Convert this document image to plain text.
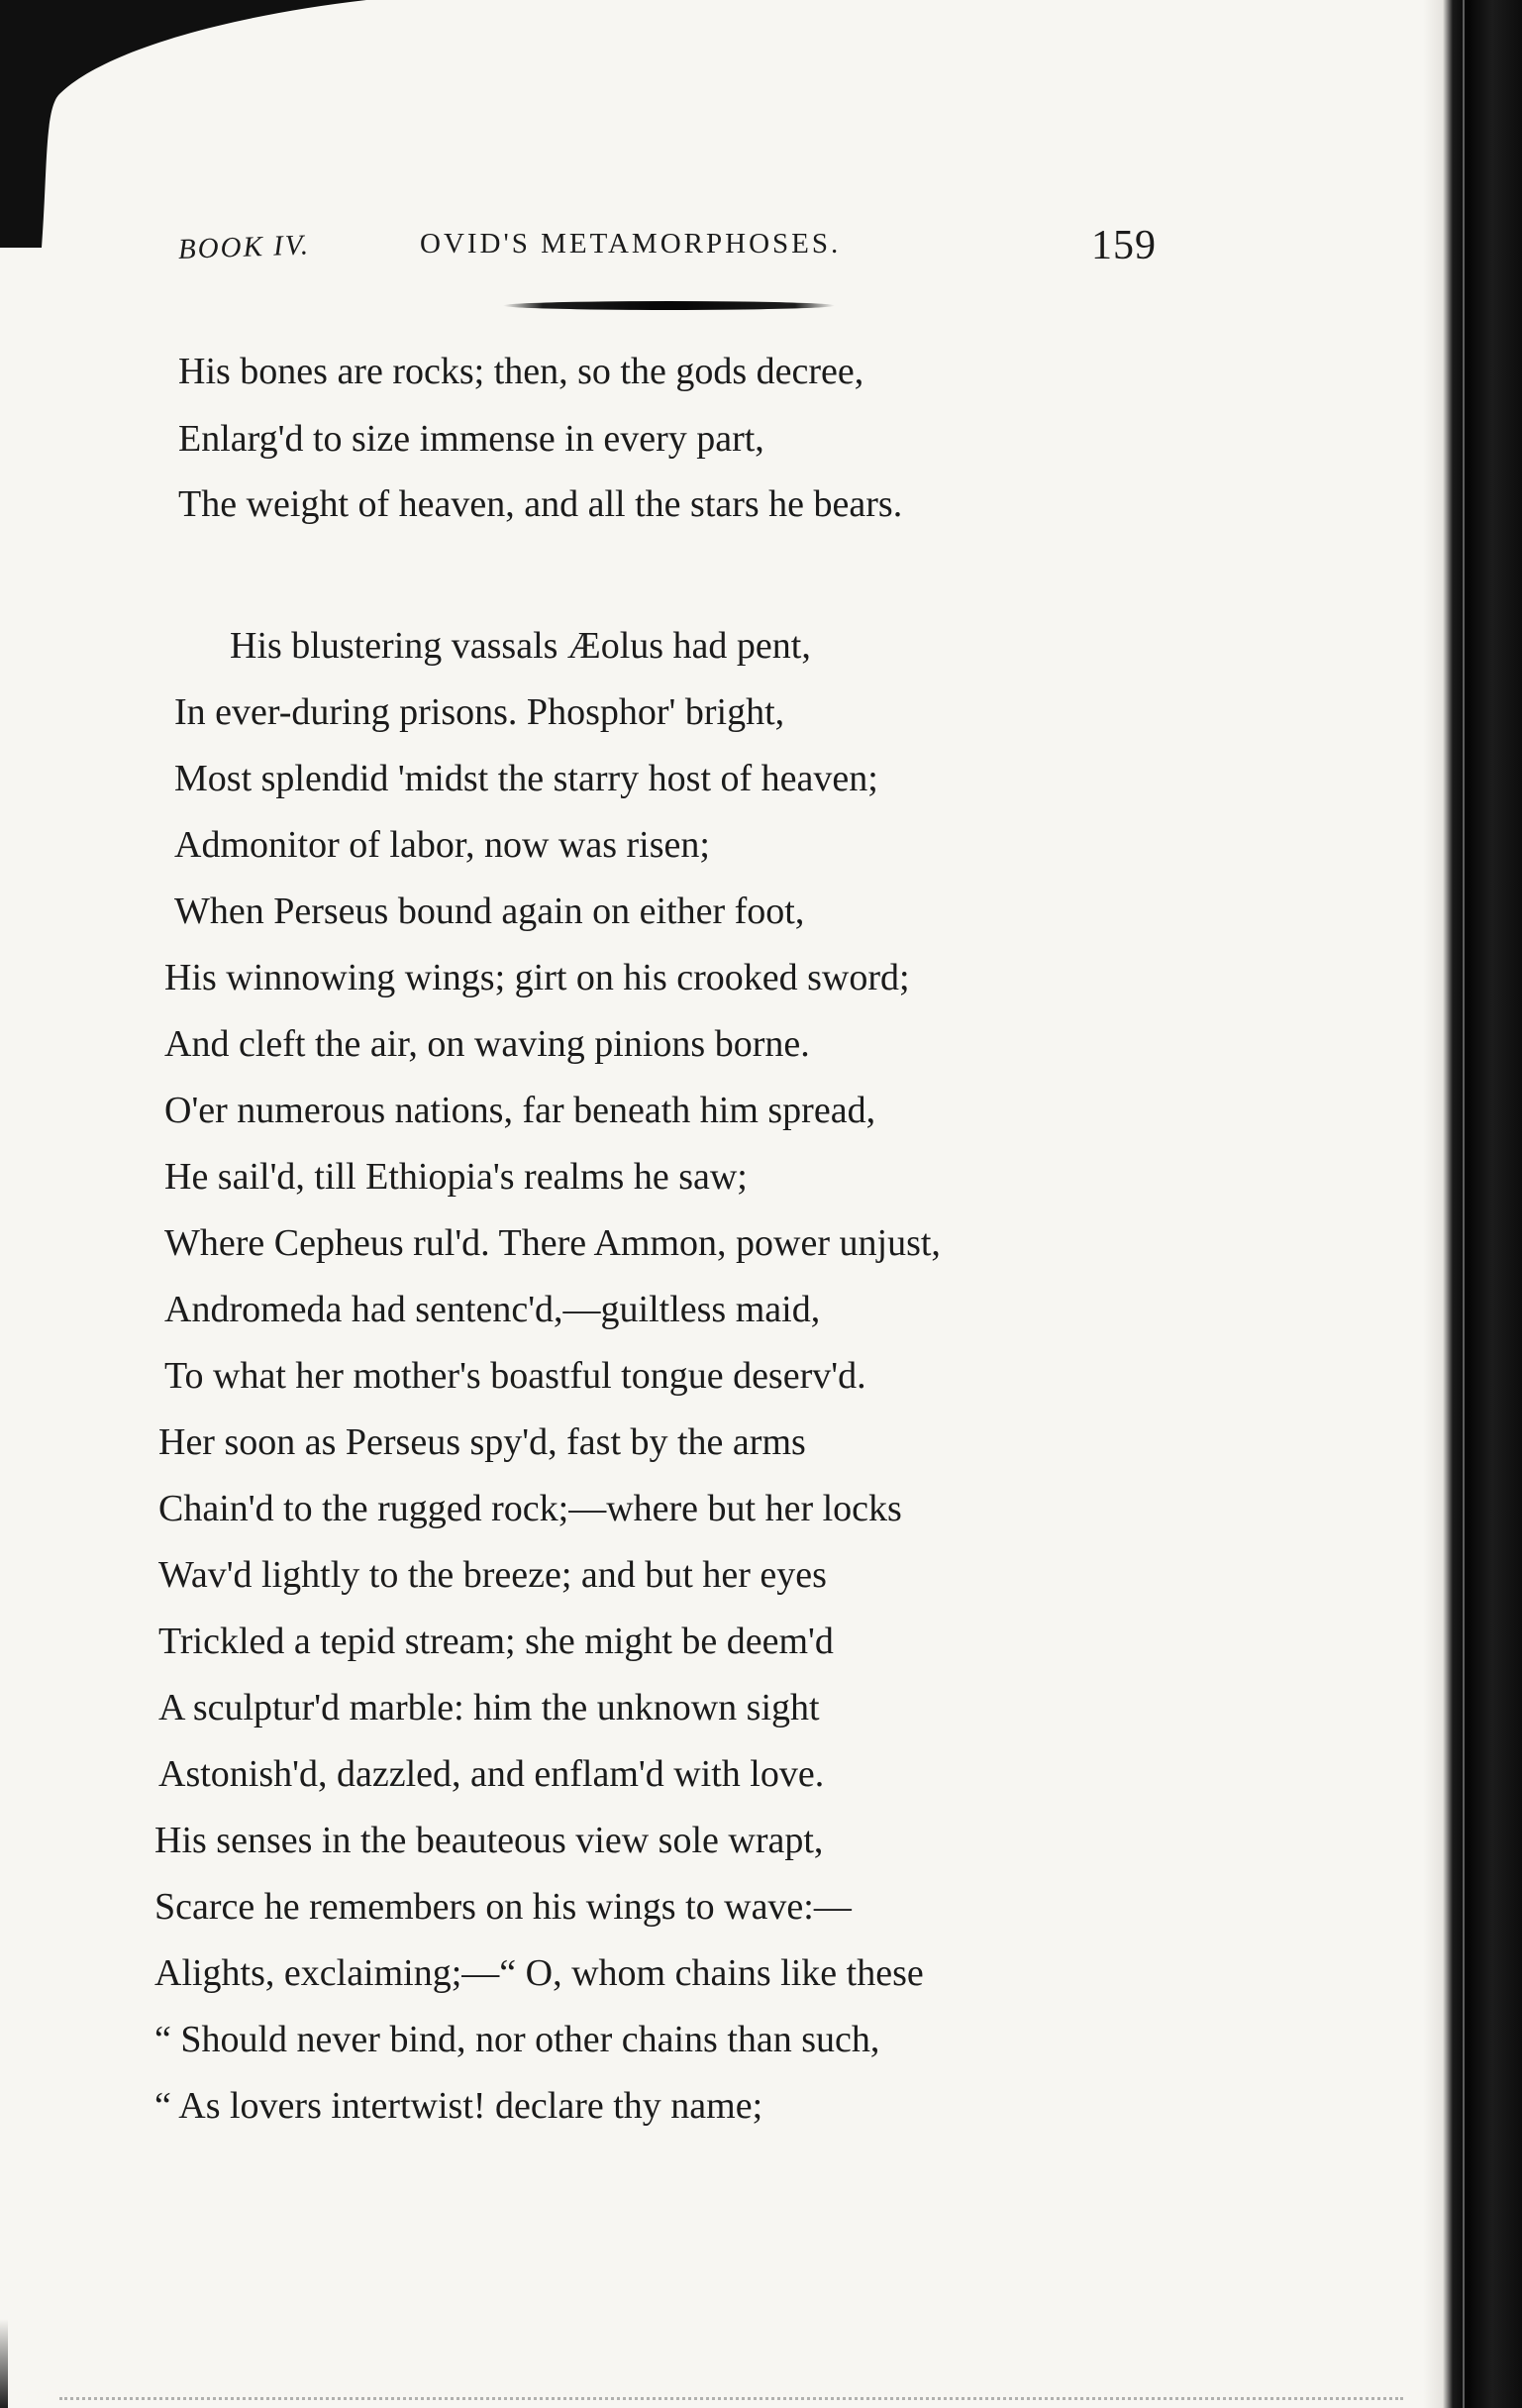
BOOK IV.	OVID'S METAMORPHOSES.	159
His bones are rocks; then, so the gods decree,
Enlarg'd to size immense in every part,
The weight of heaven, and all the stars he bears.
His blustering vassals Æolus had pent,
In ever-during prisons. Phosphor' bright,
Most splendid 'midst the starry host of heaven;
Admonitor of labor, now was risen;
When Perseus bound again on either foot,
His winnowing wings; girt on his crooked sword;
And cleft the air, on waving pinions borne.
O'er numerous nations, far beneath him spread,
He sail'd, till Ethiopia's realms he saw;
Where Cepheus rul'd. There Ammon, power unjust,
Andromeda had sentenc'd,—guiltless maid,
To what her mother's boastful tongue deserv'd.
Her soon as Perseus spy'd, fast by the arms
Chain'd to the rugged rock;—where but her locks
Wav'd lightly to the breeze; and but her eyes
Trickled a tepid stream; she might be deem'd
A sculptur'd marble: him the unknown sight
Astonish'd, dazzled, and enflam'd with love.
His senses in the beauteous view sole wrapt,
Scarce he remembers on his wings to wave:—
Alights, exclaiming;—“ O, whom chains like these
“ Should never bind, nor other chains than such,
“ As lovers intertwist! declare thy name;
